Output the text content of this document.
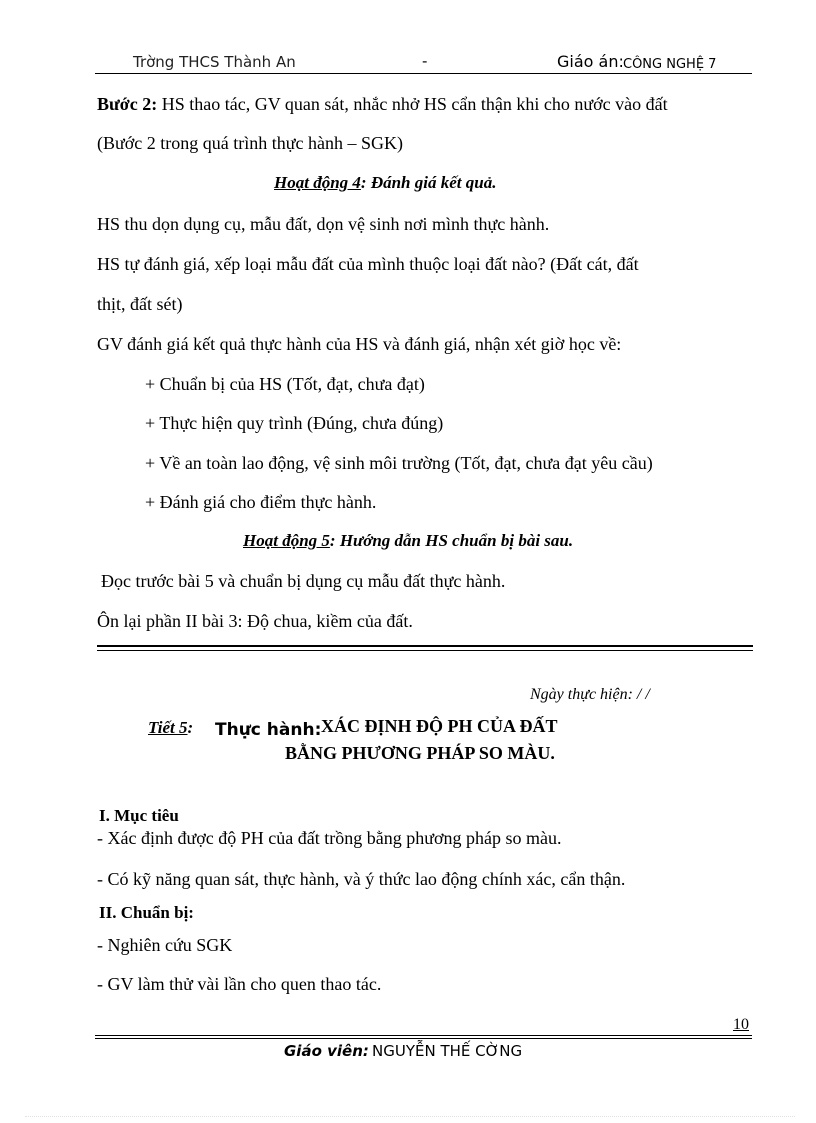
Trờng THCS Thành An	-	Giáo án: CÔNG NGHỆ 7
Bước 2: HS thao tác, GV quan sát, nhắc nhở HS cẩn thận khi cho nước vào đất
(Bước 2 trong quá trình thực hành – SGK)
Hoạt động 4: Đánh giá kết quả.
HS thu dọn dụng cụ, mẫu đất, dọn vệ sinh nơi mình thực hành.
HS tự đánh giá, xếp loại mẫu đất của mình thuộc loại đất nào? (Đất cát, đất
thịt, đất sét)
GV đánh giá kết quả thực hành của HS và đánh giá, nhận xét giờ học về:
+ Chuẩn bị của HS (Tốt, đạt, chưa đạt)
+ Thực hiện quy trình (Đúng, chưa đúng)
+ Về an toàn lao động, vệ sinh môi trường (Tốt, đạt, chưa đạt yêu cầu)
+ Đánh giá cho điểm thực hành.
Hoạt động 5: Hướng dẫn HS chuẩn bị bài sau.
Đọc trước bài 5 và chuẩn bị dụng cụ mẫu đất thực hành.
Ôn lại phần II bài 3: Độ chua, kiềm của đất.
Ngày thực hiện: / /
Tiết 5: Thực hành: XÁC ĐỊNH ĐỘ PH CỦA ĐẤT
BẰNG PHƯƠNG PHÁP SO MÀU.
I. Mục tiêu
- Xác định được độ PH của đất trồng bằng phương pháp so màu.
- Có kỹ năng quan sát, thực hành, và ý thức lao động chính xác, cẩn thận.
II. Chuẩn bị:
- Nghiên cứu SGK
- GV làm thử vài lần cho quen thao tác.
10
Giáo viên: NGUYỄN THẾ CỜNG
